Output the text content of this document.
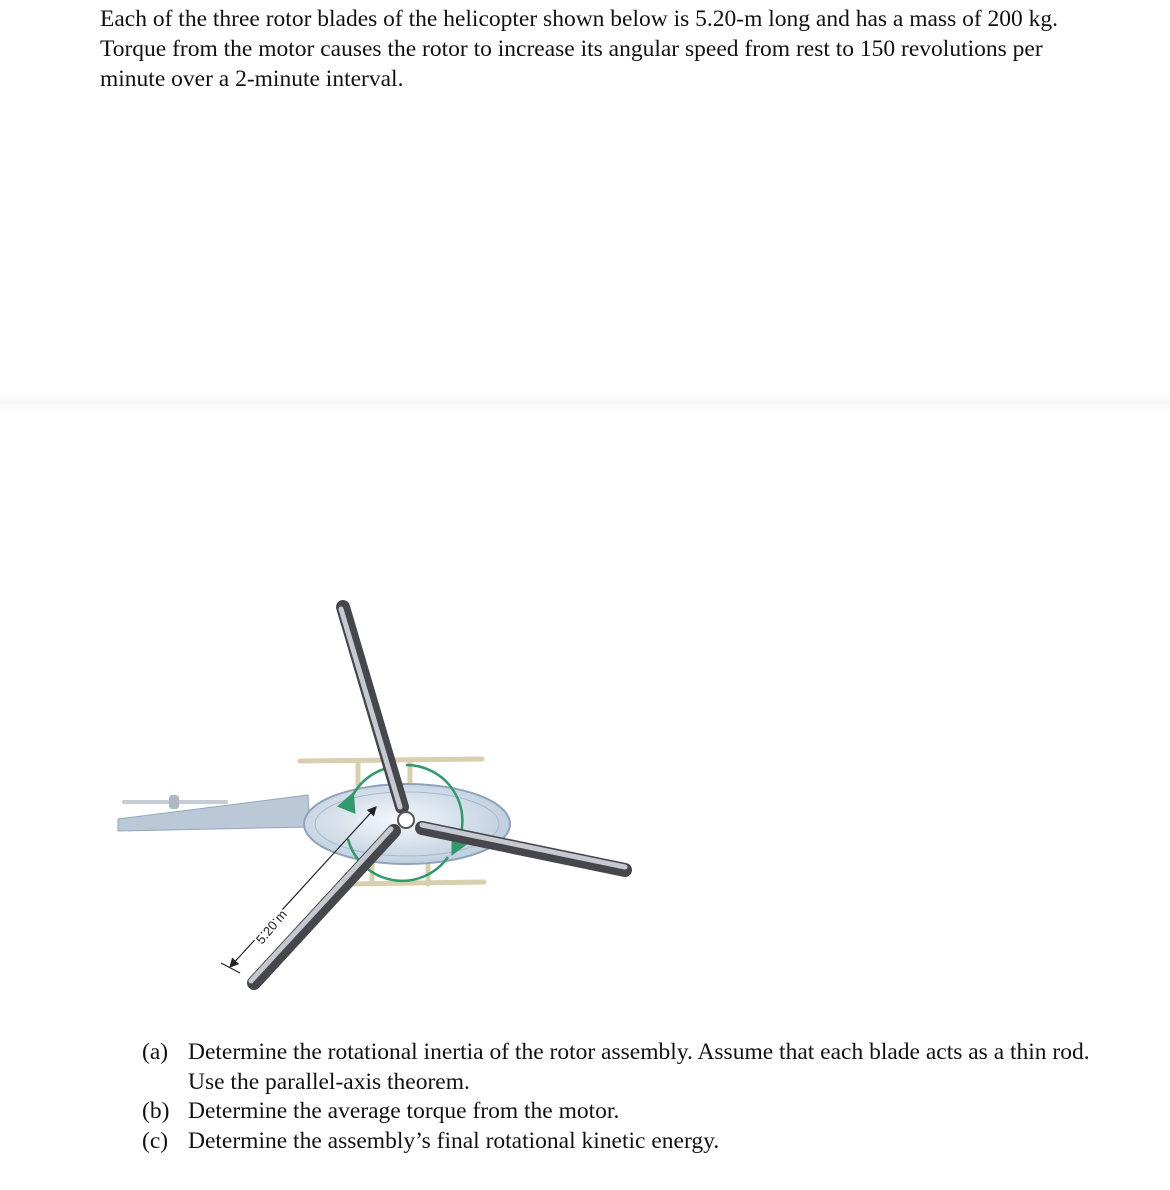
Each of the three rotor blades of the helicopter shown below is 5.20-m long and has a mass of 200 kg. Torque from the motor causes the rotor to increase its angular speed from rest to 150 revolutions per minute over a 2-minute interval.

5.20 m
(a) Determine the rotational inertia of the rotor assembly. Assume that each blade acts as a thin rod. Use the parallel-axis theorem.
(b) Determine the average torque from the motor.
(c) Determine the assembly’s final rotational kinetic energy.
